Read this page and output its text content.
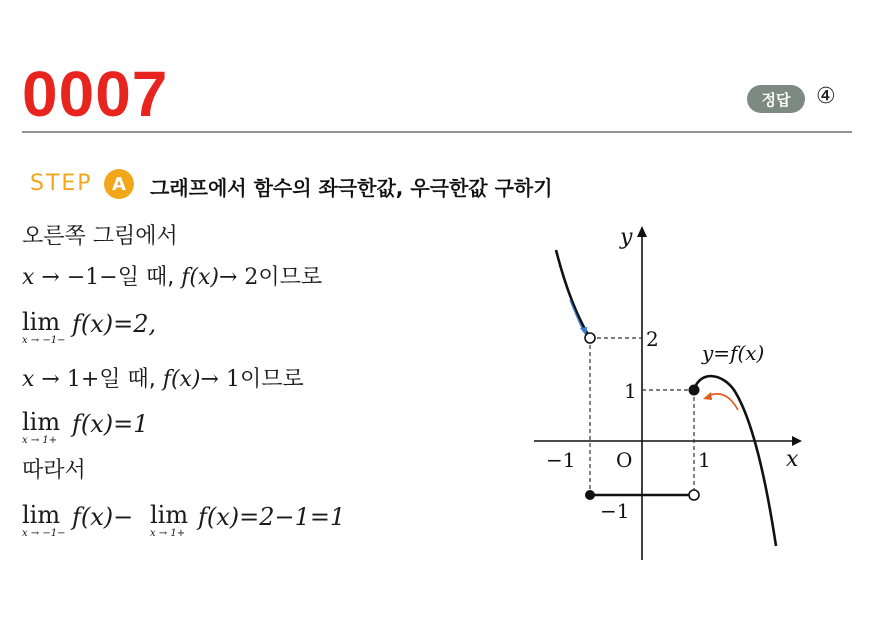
0007	정답	④
STEP	A	그래프에서 함수의 좌극한값, 우극한값 구하기
오른쪽 그림에서
x → −1−일 때, f(x)→ 2이므로
lim
x → −1−
f(x)=2,
x → 1+일 때, f(x)→ 1이므로
lim
x → 1+
f(x)=1
따라서
lim
x → −1−
f(x)− lim
x → 1+
f(x)=2−1=1
y
x
O
−1	1
2
1
−1
y=f(x)
